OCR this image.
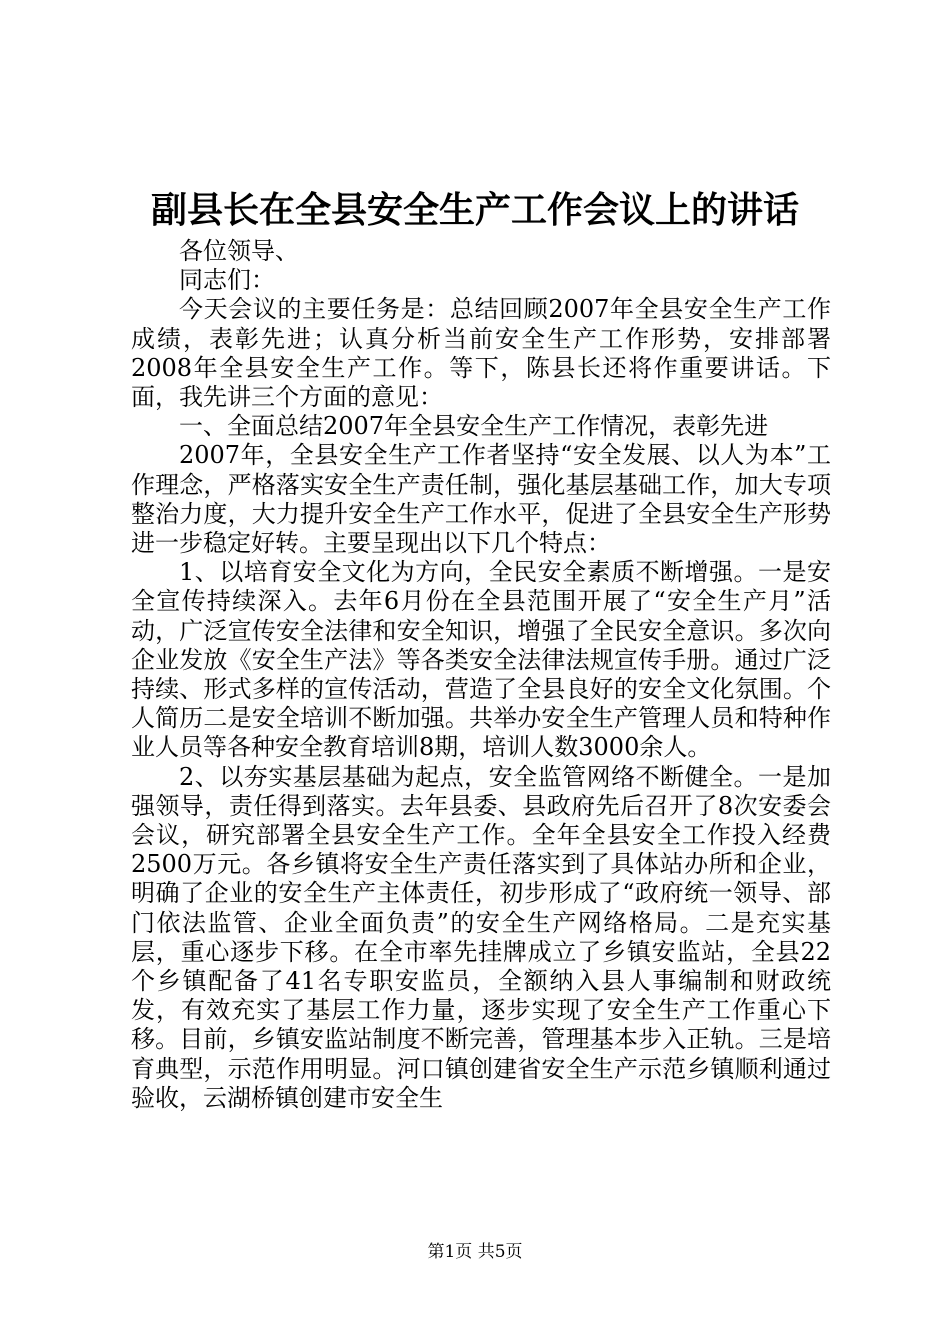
副县长在全县安全生产工作会议上的讲话

各位领导、

同志们：

今天会议的主要任务是：总结回顾2007年全县安全生产工作成绩，表彰先进；认真分析当前安全生产工作形势，安排部署2008年全县安全生产工作。等下，陈县长还将作重要讲话。下面，我先讲三个方面的意见：

一、全面总结2007年全县安全生产工作情况，表彰先进

2007年，全县安全生产工作者坚持“安全发展、以人为本”工作理念，严格落实安全生产责任制，强化基层基础工作，加大专项整治力度，大力提升安全生产工作水平，促进了全县安全生产形势进一步稳定好转。主要呈现出以下几个特点：

1、以培育安全文化为方向，全民安全素质不断增强。一是安全宣传持续深入。去年6月份在全县范围开展了“安全生产月”活动，广泛宣传安全法律和安全知识，增强了全民安全意识。多次向企业发放《安全生产法》等各类安全法律法规宣传手册。通过广泛持续、形式多样的宣传活动，营造了全县良好的安全文化氛围。个人简历二是安全培训不断加强。共举办安全生产管理人员和特种作业人员等各种安全教育培训8期，培训人数3000余人。

2、以夯实基层基础为起点，安全监管网络不断健全。一是加强领导，责任得到落实。去年县委、县政府先后召开了8次安委会会议，研究部署全县安全生产工作。全年全县安全工作投入经费2500万元。各乡镇将安全生产责任落实到了具体站办所和企业，明确了企业的安全生产主体责任，初步形成了“政府统一领导、部门依法监管、企业全面负责”的安全生产网络格局。二是充实基层，重心逐步下移。在全市率先挂牌成立了乡镇安监站，全县22个乡镇配备了41名专职安监员，全额纳入县人事编制和财政统发，有效充实了基层工作力量，逐步实现了安全生产工作重心下移。目前，乡镇安监站制度不断完善，管理基本步入正轨。三是培育典型，示范作用明显。河口镇创建省安全生产示范乡镇顺利通过验收，云湖桥镇创建市安全生

第1页 共5页
